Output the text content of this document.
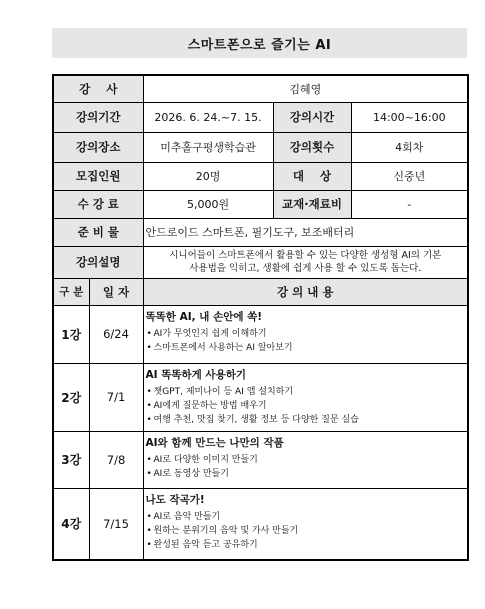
스마트폰으로 즐기는 AI
강    사		김혜영		
강의기간		2026. 6. 24.~7. 15.	강의시간	14:00~16:00
강의장소		미추홀구평생학습관	강의횟수	4회차
모집인원		20명	대    상	신중년
수 강 료		5,000원	교재·재료비	-
준 비 물		안드로이드 스마트폰, 필기도구, 보조배터리		
강의설명		시니어들이 스마트폰에서 활용할 수 있는 다양한 생성형 AI의 기본
사용법을 익히고, 생활에 쉽게 사용 할 수 있도록 돕는다.		

구 분	일 자	강 의 내 용		
1강	6/24	똑똑한 AI, 내 손안에 쏙!
• AI가 무엇인지 쉽게 이해하기
• 스마트폰에서 사용하는 AI 알아보기

2강	7/1	AI 똑똑하게 사용하기
• 챗GPT, 제미나이 등 AI 앱 설치하기
• AI에게 질문하는 방법 배우기
• 여행 추천, 맛집 찾기, 생활 정보 등 다양한 질문 실습

3강	7/8	AI와 함께 만드는 나만의 작품
• AI로 다양한 이미지 만들기
• AI로 동영상 만들기

4강	7/15	나도 작곡가!
• AI로 음악 만들기
• 원하는 분위기의 음악 및 가사 만들기
• 완성된 음악 듣고 공유하기
